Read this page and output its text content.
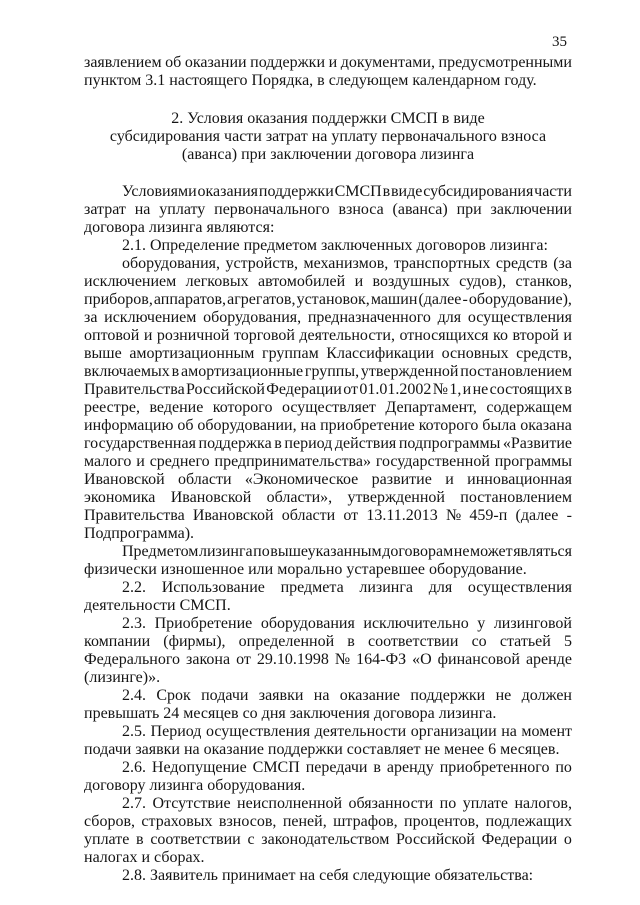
35
заявлением об оказании поддержки и документами, предусмотренными
пунктом 3.1 настоящего Порядка, в следующем календарном году.
2. Условия оказания поддержки СМСП в виде
субсидирования части затрат на уплату первоначального взноса
(аванса) при заключении договора лизинга
Условиями оказания поддержки СМСП в виде субсидирования части
затрат на уплату первоначального взноса (аванса) при заключении
договора лизинга являются:
2.1. Определение предметом заключенных договоров лизинга:
оборудования, устройств, механизмов, транспортных средств (за
исключением легковых автомобилей и воздушных судов), станков,
приборов, аппаратов, агрегатов, установок, машин (далее - оборудование),
за исключением оборудования, предназначенного для осуществления
оптовой и розничной торговой деятельности, относящихся ко второй и
выше амортизационным группам Классификации основных средств,
включаемых в амортизационные группы, утвержденной постановлением
Правительства Российской Федерации от 01.01.2002 № 1, и не состоящих в
реестре, ведение которого осуществляет Департамент, содержащем
информацию об оборудовании, на приобретение которого была оказана
государственная поддержка в период действия подпрограммы «Развитие
малого и среднего предпринимательства» государственной программы
Ивановской области «Экономическое развитие и инновационная
экономика Ивановской области», утвержденной постановлением
Правительства Ивановской области от 13.11.2013 № 459-п (далее -
Подпрограмма).
Предметом лизинга по вышеуказанным договорам не может являться
физически изношенное или морально устаревшее оборудование.
2.2. Использование предмета лизинга для осуществления
деятельности СМСП.
2.3. Приобретение оборудования исключительно у лизинговой
компании (фирмы), определенной в соответствии со статьей 5
Федерального закона от 29.10.1998 № 164-ФЗ «О финансовой аренде
(лизинге)».
2.4. Срок подачи заявки на оказание поддержки не должен
превышать 24 месяцев со дня заключения договора лизинга.
2.5. Период осуществления деятельности организации на момент
подачи заявки на оказание поддержки составляет не менее 6 месяцев.
2.6. Недопущение СМСП передачи в аренду приобретенного по
договору лизинга оборудования.
2.7. Отсутствие неисполненной обязанности по уплате налогов,
сборов, страховых взносов, пеней, штрафов, процентов, подлежащих
уплате в соответствии с законодательством Российской Федерации о
налогах и сборах.
2.8. Заявитель принимает на себя следующие обязательства:
